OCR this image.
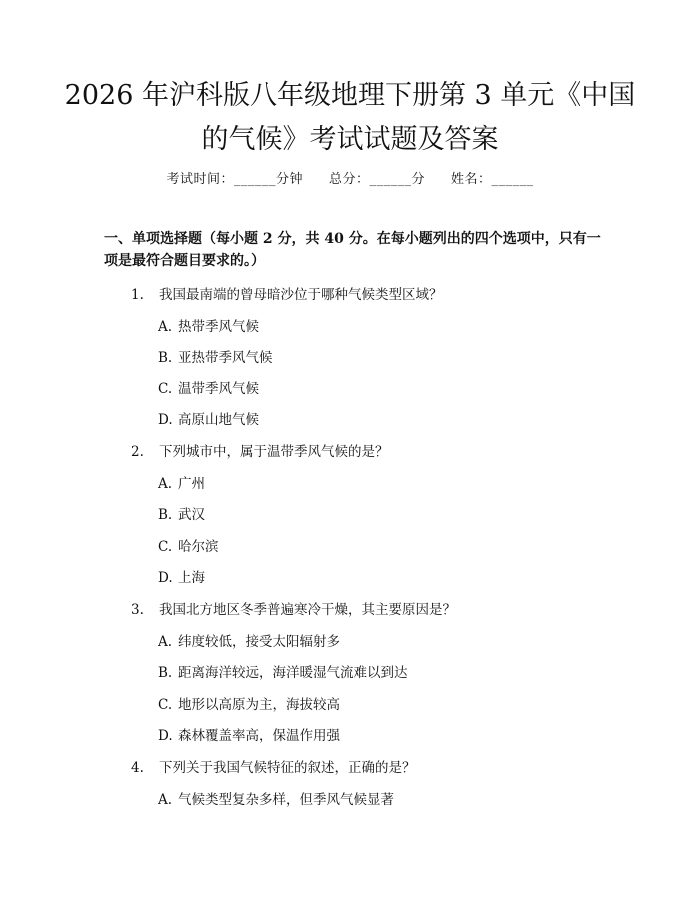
2026 年沪科版八年级地理下册第 3 单元《中国的气候》考试试题及答案
考试时间：______分钟 总分：______分 姓名：______

一、单项选择题（每小题 2 分，共 40 分。在每小题列出的四个选项中，只有一项是最符合题目要求的。）

1. 我国最南端的曾母暗沙位于哪种气候类型区域？
A. 热带季风气候
B. 亚热带季风气候
C. 温带季风气候
D. 高原山地气候
2. 下列城市中，属于温带季风气候的是？
A. 广州
B. 武汉
C. 哈尔滨
D. 上海
3. 我国北方地区冬季普遍寒冷干燥，其主要原因是？
A. 纬度较低，接受太阳辐射多
B. 距离海洋较远，海洋暖湿气流难以到达
C. 地形以高原为主，海拔较高
D. 森林覆盖率高，保温作用强
4. 下列关于我国气候特征的叙述，正确的是？
A. 气候类型复杂多样，但季风气候显著
